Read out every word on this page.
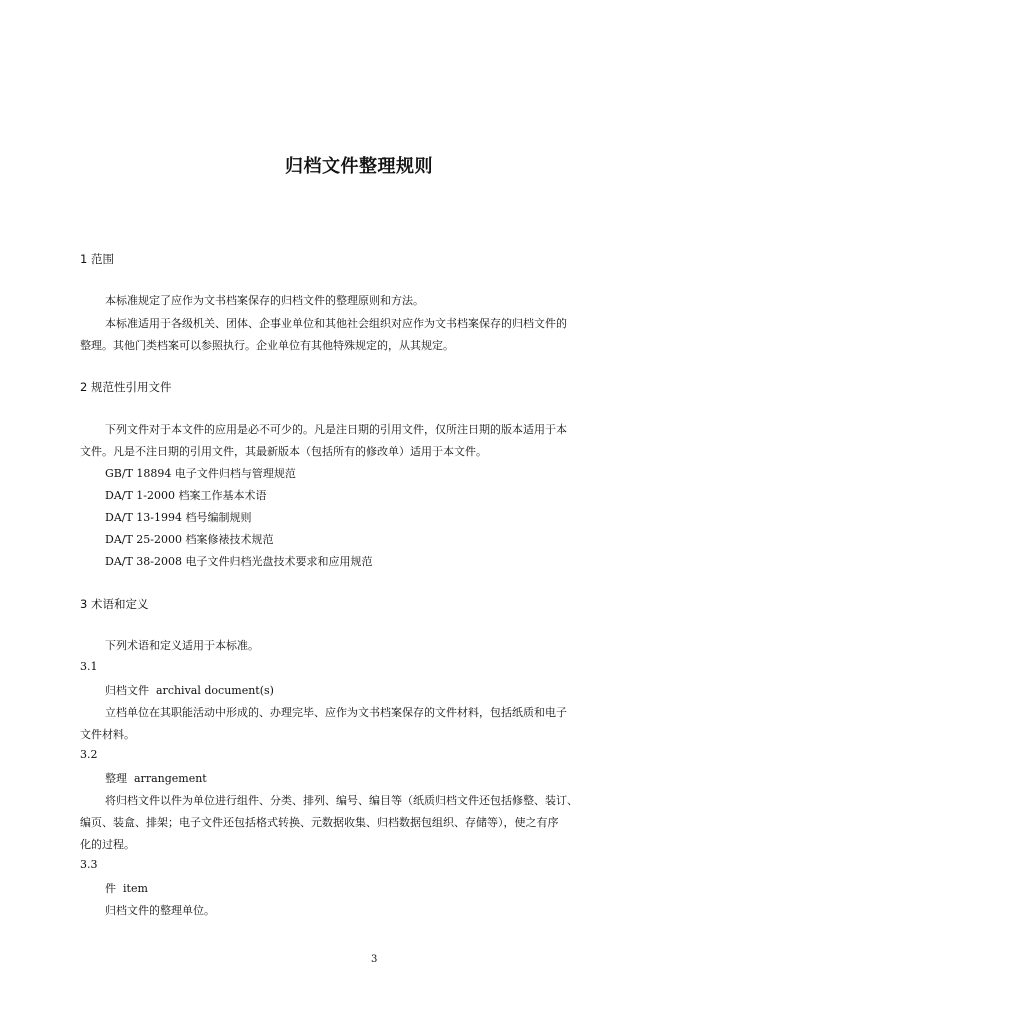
归档文件整理规则
1 范围
本标准规定了应作为文书档案保存的归档文件的整理原则和方法。
本标准适用于各级机关、团体、企事业单位和其他社会组织对应作为文书档案保存的归档文件的
整理。其他门类档案可以参照执行。企业单位有其他特殊规定的，从其规定。
2 规范性引用文件
下列文件对于本文件的应用是必不可少的。凡是注日期的引用文件，仅所注日期的版本适用于本
文件。凡是不注日期的引用文件，其最新版本（包括所有的修改单）适用于本文件。
GB/T 18894 电子文件归档与管理规范
DA/T 1-2000 档案工作基本术语
DA/T 13-1994 档号编制规则
DA/T 25-2000 档案修裱技术规范
DA/T 38-2008 电子文件归档光盘技术要求和应用规范
3 术语和定义
下列术语和定义适用于本标准。
3.1
归档文件 archival document(s)
立档单位在其职能活动中形成的、办理完毕、应作为文书档案保存的文件材料，包括纸质和电子
文件材料。
3.2
整理 arrangement
将归档文件以件为单位进行组件、分类、排列、编号、编目等（纸质归档文件还包括修整、装订、
编页、装盒、排架；电子文件还包括格式转换、元数据收集、归档数据包组织、存储等），使之有序
化的过程。
3.3
件 item
归档文件的整理单位。
3
